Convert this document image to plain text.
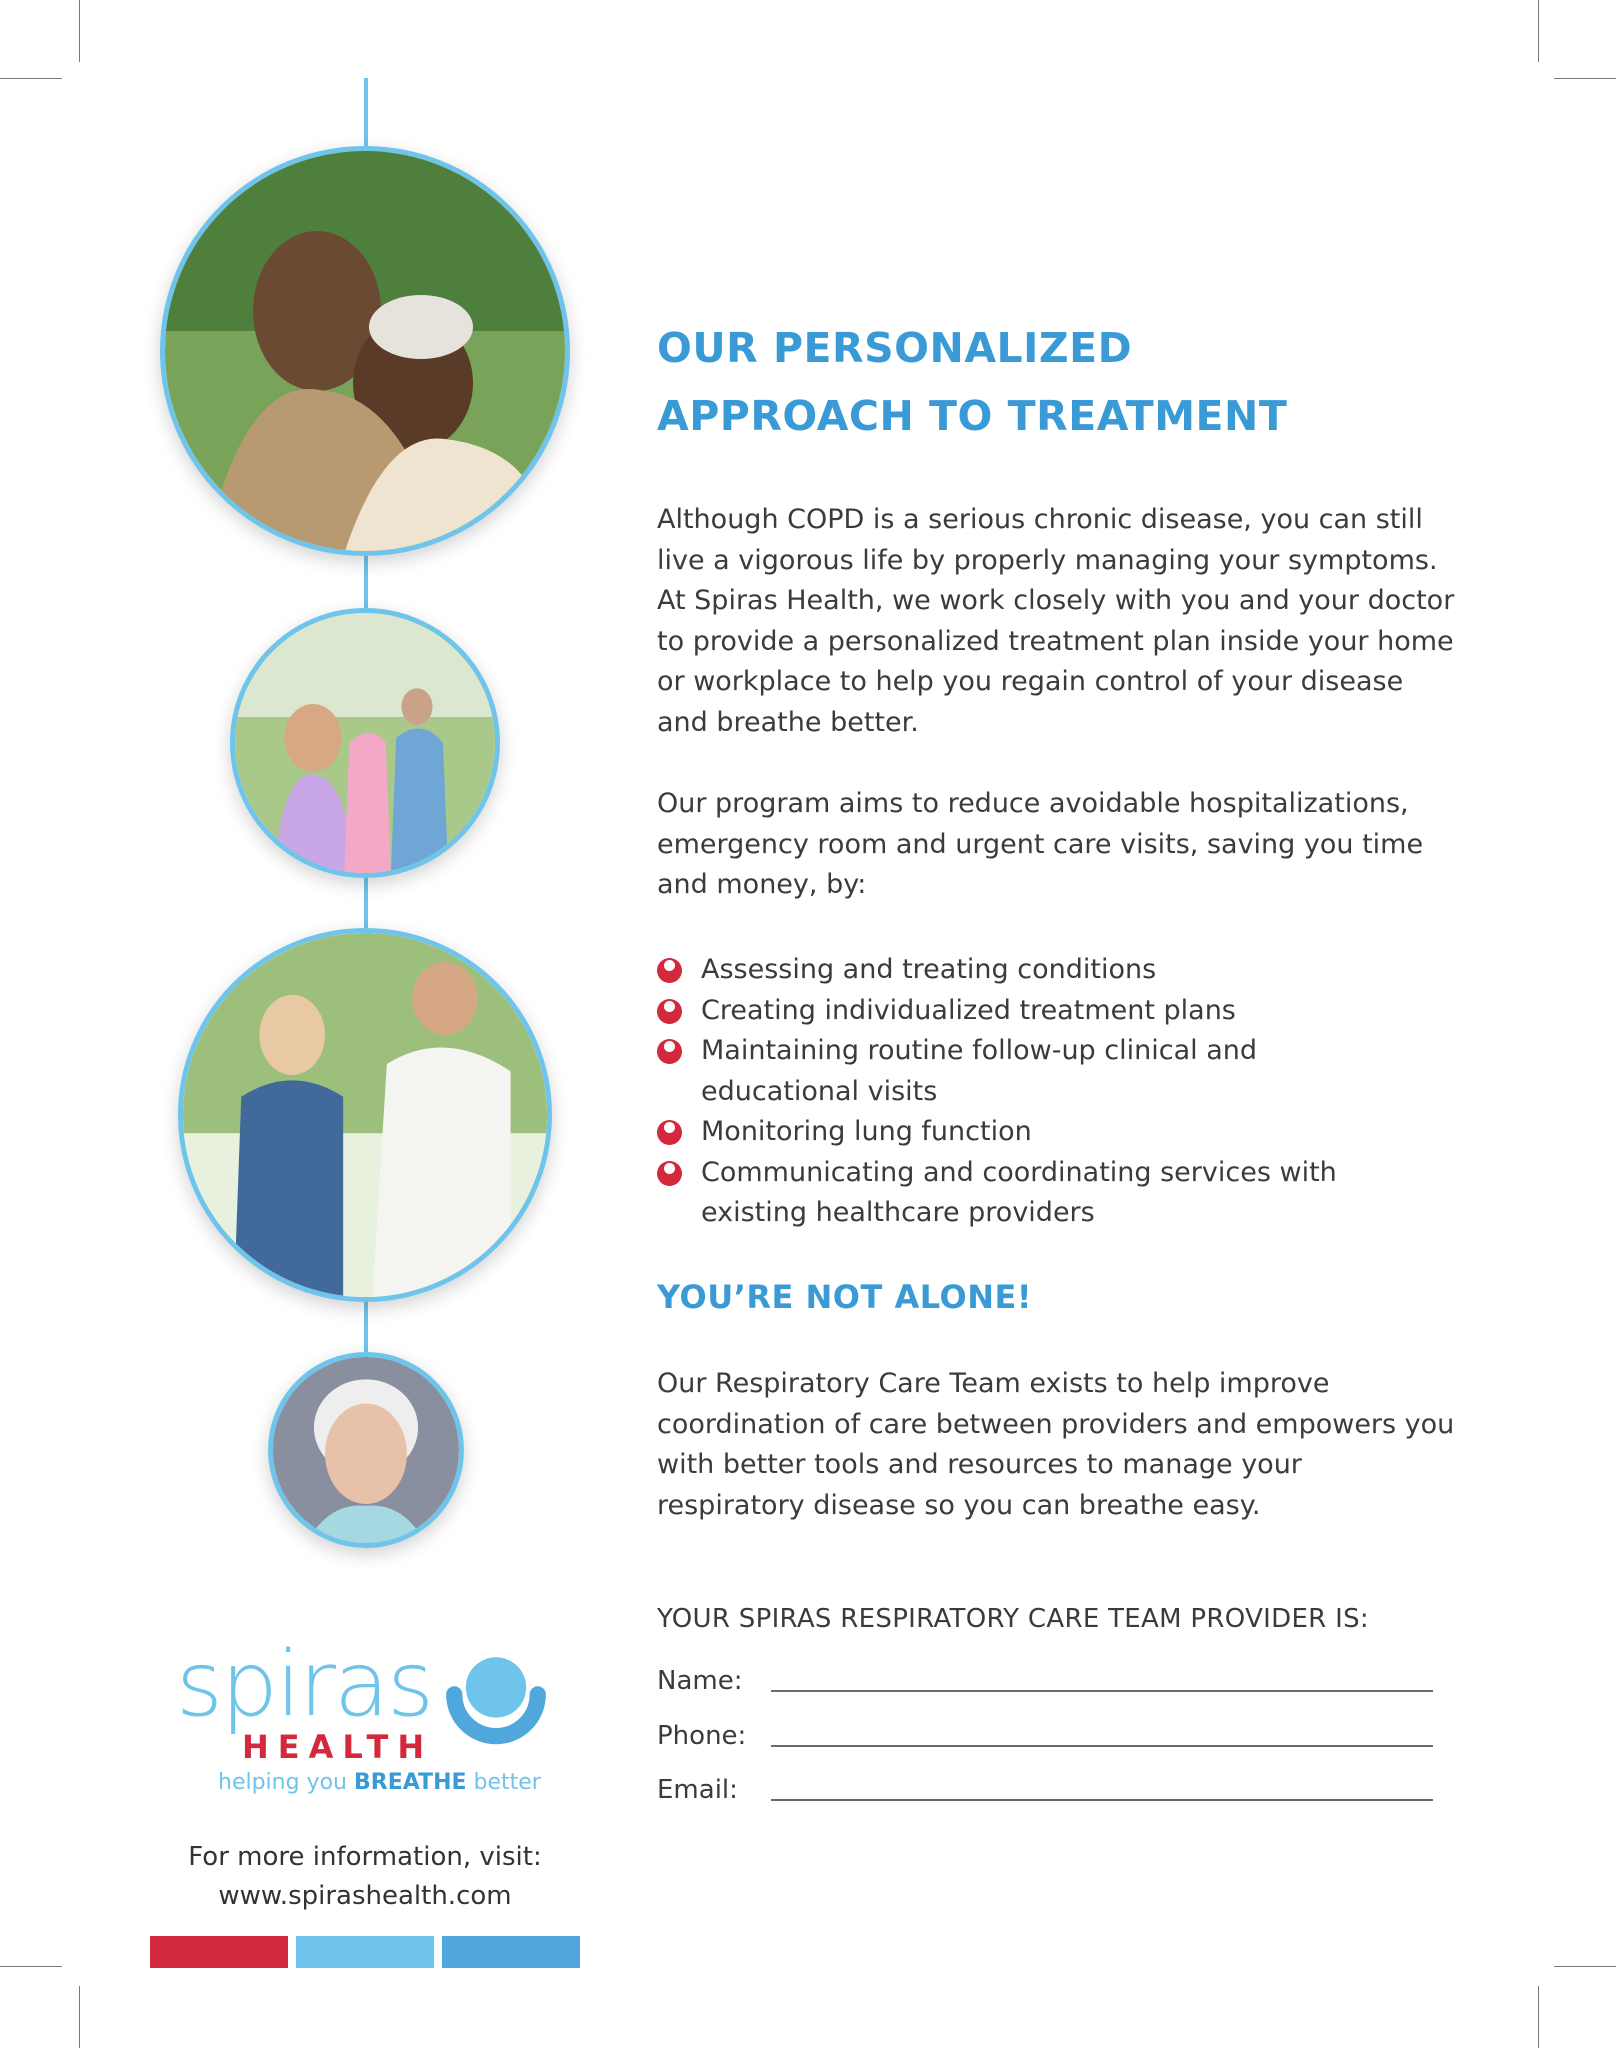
OUR PERSONALIZED
APPROACH TO TREATMENT

Although COPD is a serious chronic disease, you can still live a vigorous life by properly managing your symptoms. At Spiras Health, we work closely with you and your doctor to provide a personalized treatment plan inside your home or workplace to help you regain control of your disease and breathe better.

Our program aims to reduce avoidable hospitalizations, emergency room and urgent care visits, saving you time and money, by:

Assessing and treating conditions
Creating individualized treatment plans
Maintaining routine follow-up clinical and educational visits
Monitoring lung function
Communicating and coordinating services with existing healthcare providers
YOU’RE NOT ALONE!

Our Respiratory Care Team exists to help improve coordination of care between providers and empowers you with better tools and resources to manage your respiratory disease so you can breathe easy.

YOUR SPIRAS RESPIRATORY CARE TEAM PROVIDER IS:
Name:
Phone:
Email:
spiras
HEALTH
helping you BREATHE better
For more information, visit:
www.spirashealth.com
